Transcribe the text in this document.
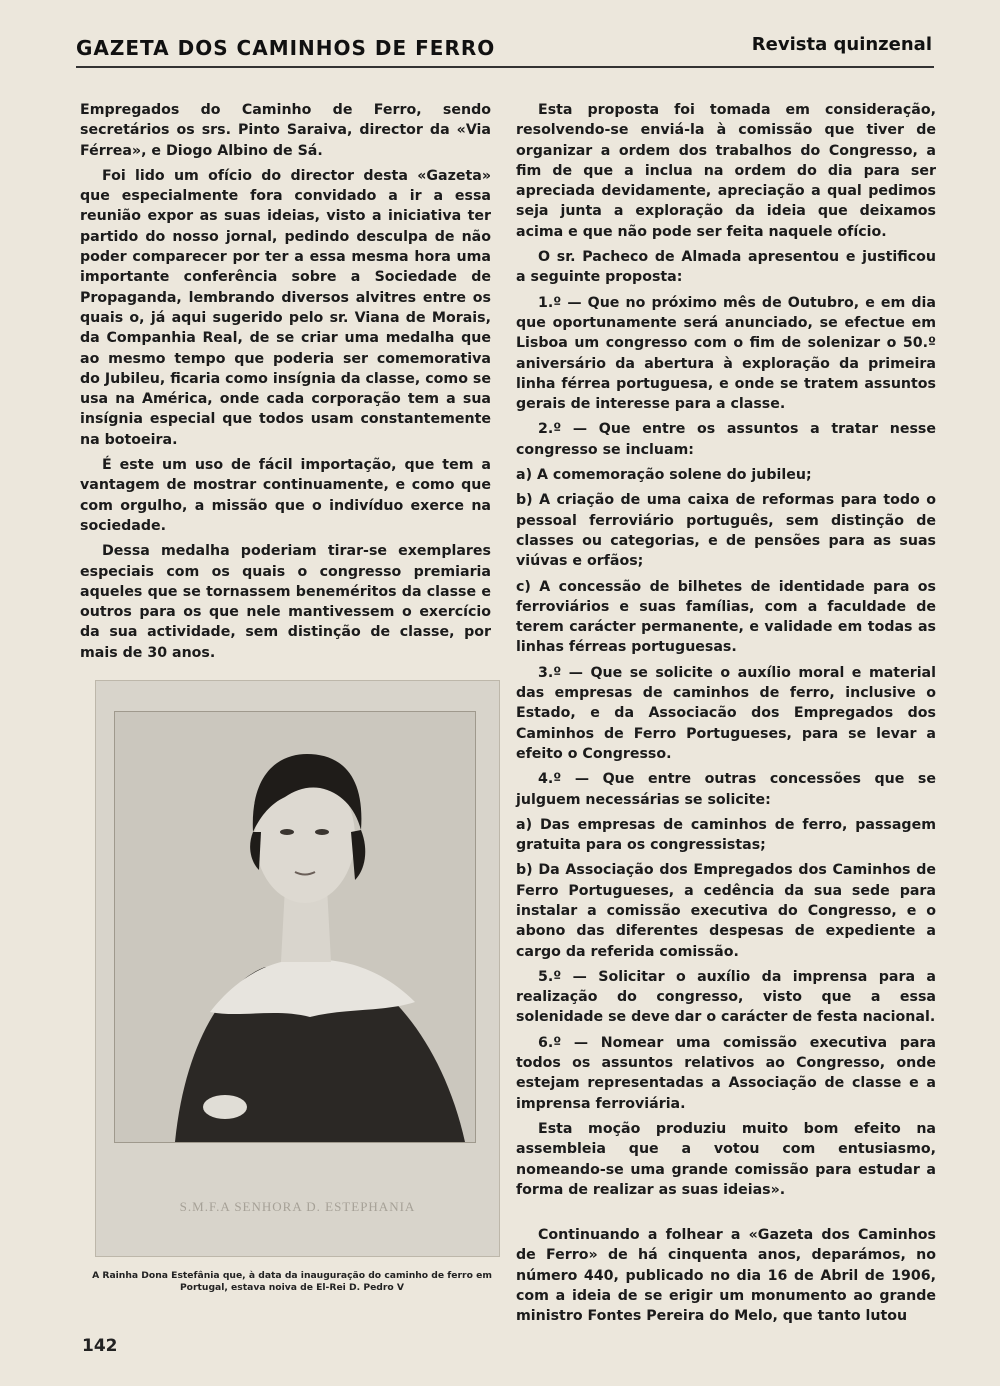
GAZETA DOS CAMINHOS DE FERRO	Revista quinzenal

Empregados do Caminho de Ferro, sendo secretários os srs. Pinto Saraiva, director da «Via Férrea», e Diogo Albino de Sá.

Foi lido um ofício do director desta «Gazeta» que especialmente fora convidado a ir a essa reunião expor as suas ideias, visto a iniciativa ter partido do nosso jornal, pedindo desculpa de não poder comparecer por ter a essa mesma hora uma importante conferência sobre a Sociedade de Propaganda, lembrando diversos alvitres entre os quais o, já aqui sugerido pelo sr. Viana de Morais, da Companhia Real, de se criar uma medalha que ao mesmo tempo que poderia ser comemorativa do Jubileu, ficaria como insígnia da classe, como se usa na América, onde cada corporação tem a sua insígnia especial que todos usam constantemente na botoeira.

É este um uso de fácil importação, que tem a vantagem de mostrar continuamente, e como que com orgulho, a missão que o indivíduo exerce na sociedade.

Dessa medalha poderiam tirar-se exemplares especiais com os quais o congresso premiaria aqueles que se tornassem beneméritos da classe e outros para os que nele mantivessem o exercício da sua actividade, sem distinção de classe, por mais de 30 anos.

S.M.F.A SENHORA D. ESTEPHANIA
A Rainha Dona Estefânia que, à data da inauguração do caminho de ferro em Portugal, estava noiva de El-Rei D. Pedro V

Esta proposta foi tomada em consideração, resolvendo-se enviá-la à comissão que tiver de organizar a ordem dos trabalhos do Congresso, a fim de que a inclua na ordem do dia para ser apreciada devidamente, apreciação a qual pedimos seja junta a exploração da ideia que deixamos acima e que não pode ser feita naquele ofício.

O sr. Pacheco de Almada apresentou e justificou a seguinte proposta:

1.º — Que no próximo mês de Outubro, e em dia que oportunamente será anunciado, se efectue em Lisboa um congresso com o fim de solenizar o 50.º aniversário da abertura à exploração da primeira linha férrea portuguesa, e onde se tratem assuntos gerais de interesse para a classe.

2.º — Que entre os assuntos a tratar nesse congresso se incluam:

a) A comemoração solene do jubileu;

b) A criação de uma caixa de reformas para todo o pessoal ferroviário português, sem distinção de classes ou categorias, e de pensões para as suas viúvas e orfãos;

c) A concessão de bilhetes de identidade para os ferroviários e suas famílias, com a faculdade de terem carácter permanente, e validade em todas as linhas férreas portuguesas.

3.º — Que se solicite o auxílio moral e material das empresas de caminhos de ferro, inclusive o Estado, e da Associacão dos Empregados dos Caminhos de Ferro Portugueses, para se levar a efeito o Congresso.

4.º — Que entre outras concessões que se julguem necessárias se solicite:

a) Das empresas de caminhos de ferro, passagem gratuita para os congressistas;

b) Da Associação dos Empregados dos Caminhos de Ferro Portugueses, a cedência da sua sede para instalar a comissão executiva do Congresso, e o abono das diferentes despesas de expediente a cargo da referida comissão.

5.º — Solicitar o auxílio da imprensa para a realização do congresso, visto que a essa solenidade se deve dar o carácter de festa nacional.

6.º — Nomear uma comissão executiva para todos os assuntos relativos ao Congresso, onde estejam representadas a Associação de classe e a imprensa ferroviária.

Esta moção produziu muito bom efeito na assembleia que a votou com entusiasmo, nomeando-se uma grande comissão para estudar a forma de realizar as suas ideias».

Continuando a folhear a «Gazeta dos Caminhos de Ferro» de há cinquenta anos, deparámos, no número 440, publicado no dia 16 de Abril de 1906, com a ideia de se erigir um monumento ao grande ministro Fontes Pereira do Melo, que tanto lutou

142
